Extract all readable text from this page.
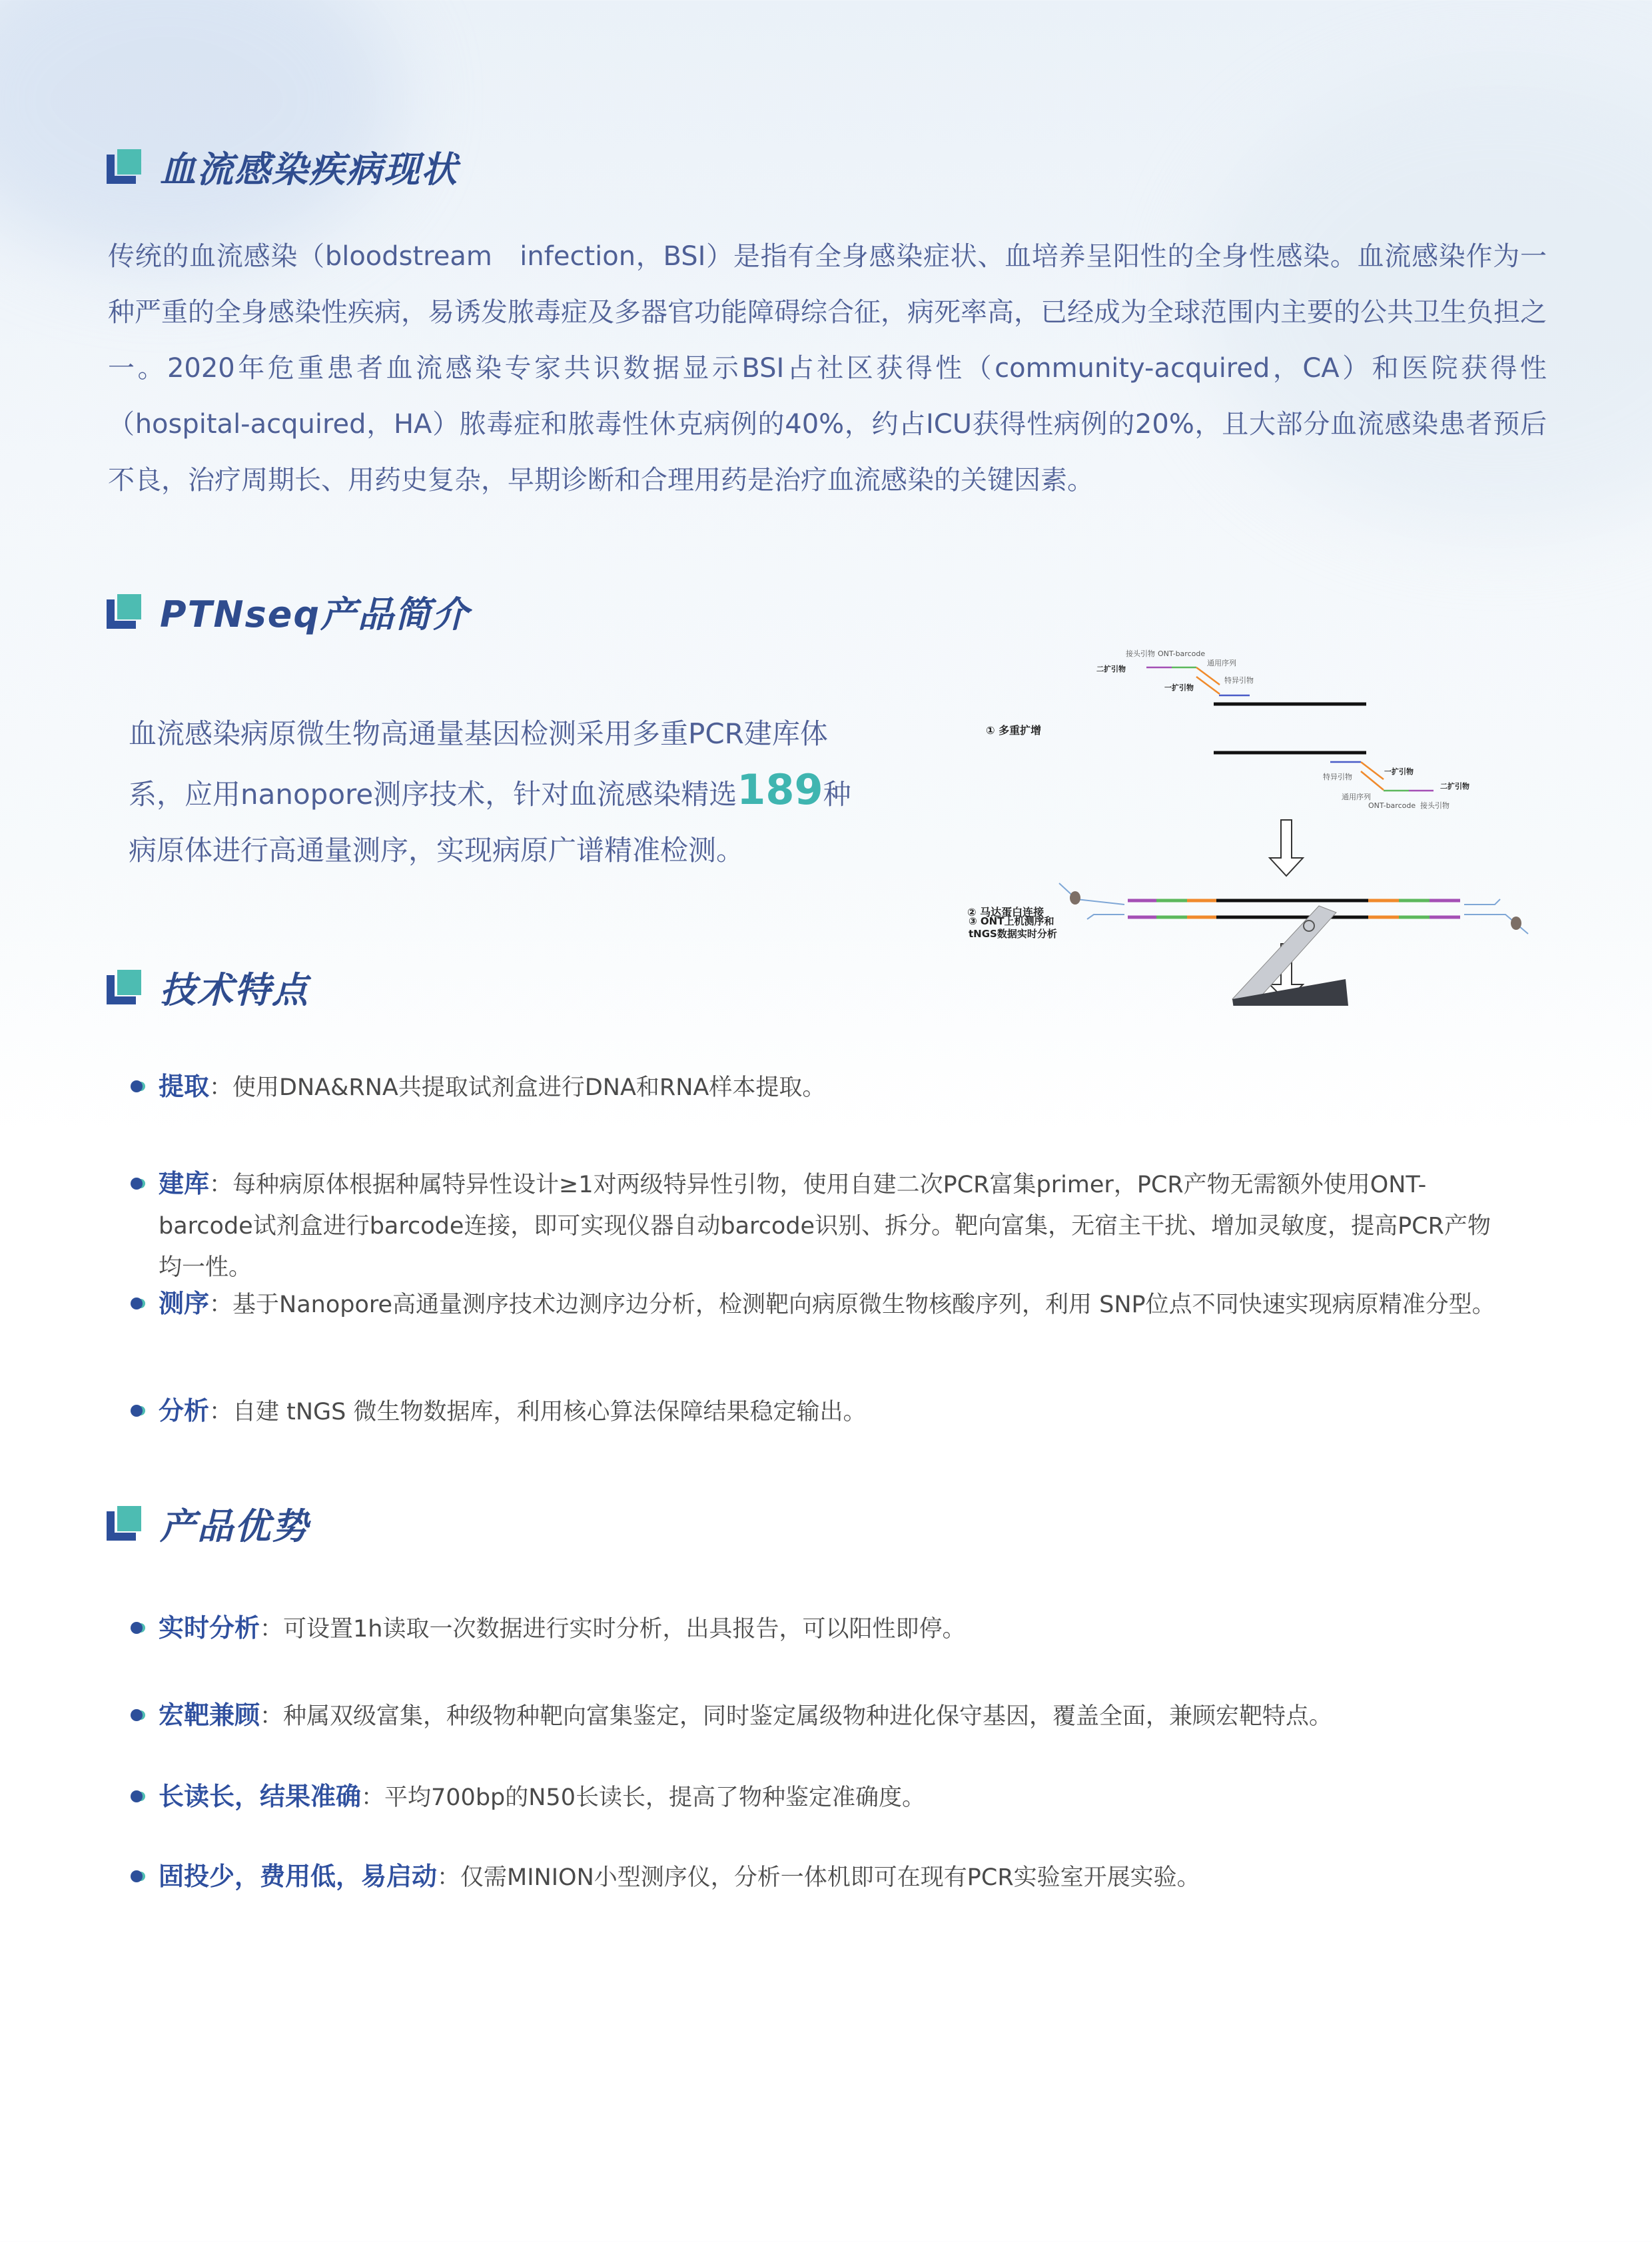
血流感染疾病现状
传统的血流感染（bloodstream　infection，BSI）是指有全身感染症状、血培养呈阳性的全身性感染。血流感染作为一种严重的全身感染性疾病，易诱发脓毒症及多器官功能障碍综合征，病死率高，已经成为全球范围内主要的公共卫生负担之一。2020年危重患者血流感染专家共识数据显示BSI占社区获得性（community-acquired，CA）和医院获得性（hospital-acquired，HA）脓毒症和脓毒性休克病例的40%，约占ICU获得性病例的20%，且大部分血流感染患者预后不良，治疗周期长、用药史复杂，早期诊断和合理用药是治疗血流感染的关键因素。
PTNseq产品简介
血流感染病原微生物高通量基因检测采用多重PCR建库体系，应用nanopore测序技术，针对血流感染精选189种病原体进行高通量测序，实现病原广谱精准检测。
接头引物 ONT-barcode
通用序列
特异引物
二扩引物
一扩引物
特异引物
一扩引物
二扩引物
通用序列
ONT-barcode 接头引物
① 多重扩增
② 马达蛋白连接
③ ONT上机测序和
tNGS数据实时分析
技术特点
提取：使用DNA&RNA共提取试剂盒进行DNA和RNA样本提取。
建库：每种病原体根据种属特异性设计≥1对两级特异性引物，使用自建二次PCR富集primer，PCR产物无需额外使用ONT-barcode试剂盒进行barcode连接，即可实现仪器自动barcode识别、拆分。靶向富集，无宿主干扰、增加灵敏度，提高PCR产物均一性。
测序：基于Nanopore高通量测序技术边测序边分析，检测靶向病原微生物核酸序列，利用 SNP位点不同快速实现病原精准分型。
分析：自建 tNGS 微生物数据库，利用核心算法保障结果稳定输出。
产品优势
实时分析：可设置1h读取一次数据进行实时分析，出具报告，可以阳性即停。
宏靶兼顾：种属双级富集，种级物种靶向富集鉴定，同时鉴定属级物种进化保守基因，覆盖全面，兼顾宏靶特点。
长读长，结果准确：平均700bp的N50长读长，提高了物种鉴定准确度。
固投少，费用低，易启动：仅需MINION小型测序仪，分析一体机即可在现有PCR实验室开展实验。
